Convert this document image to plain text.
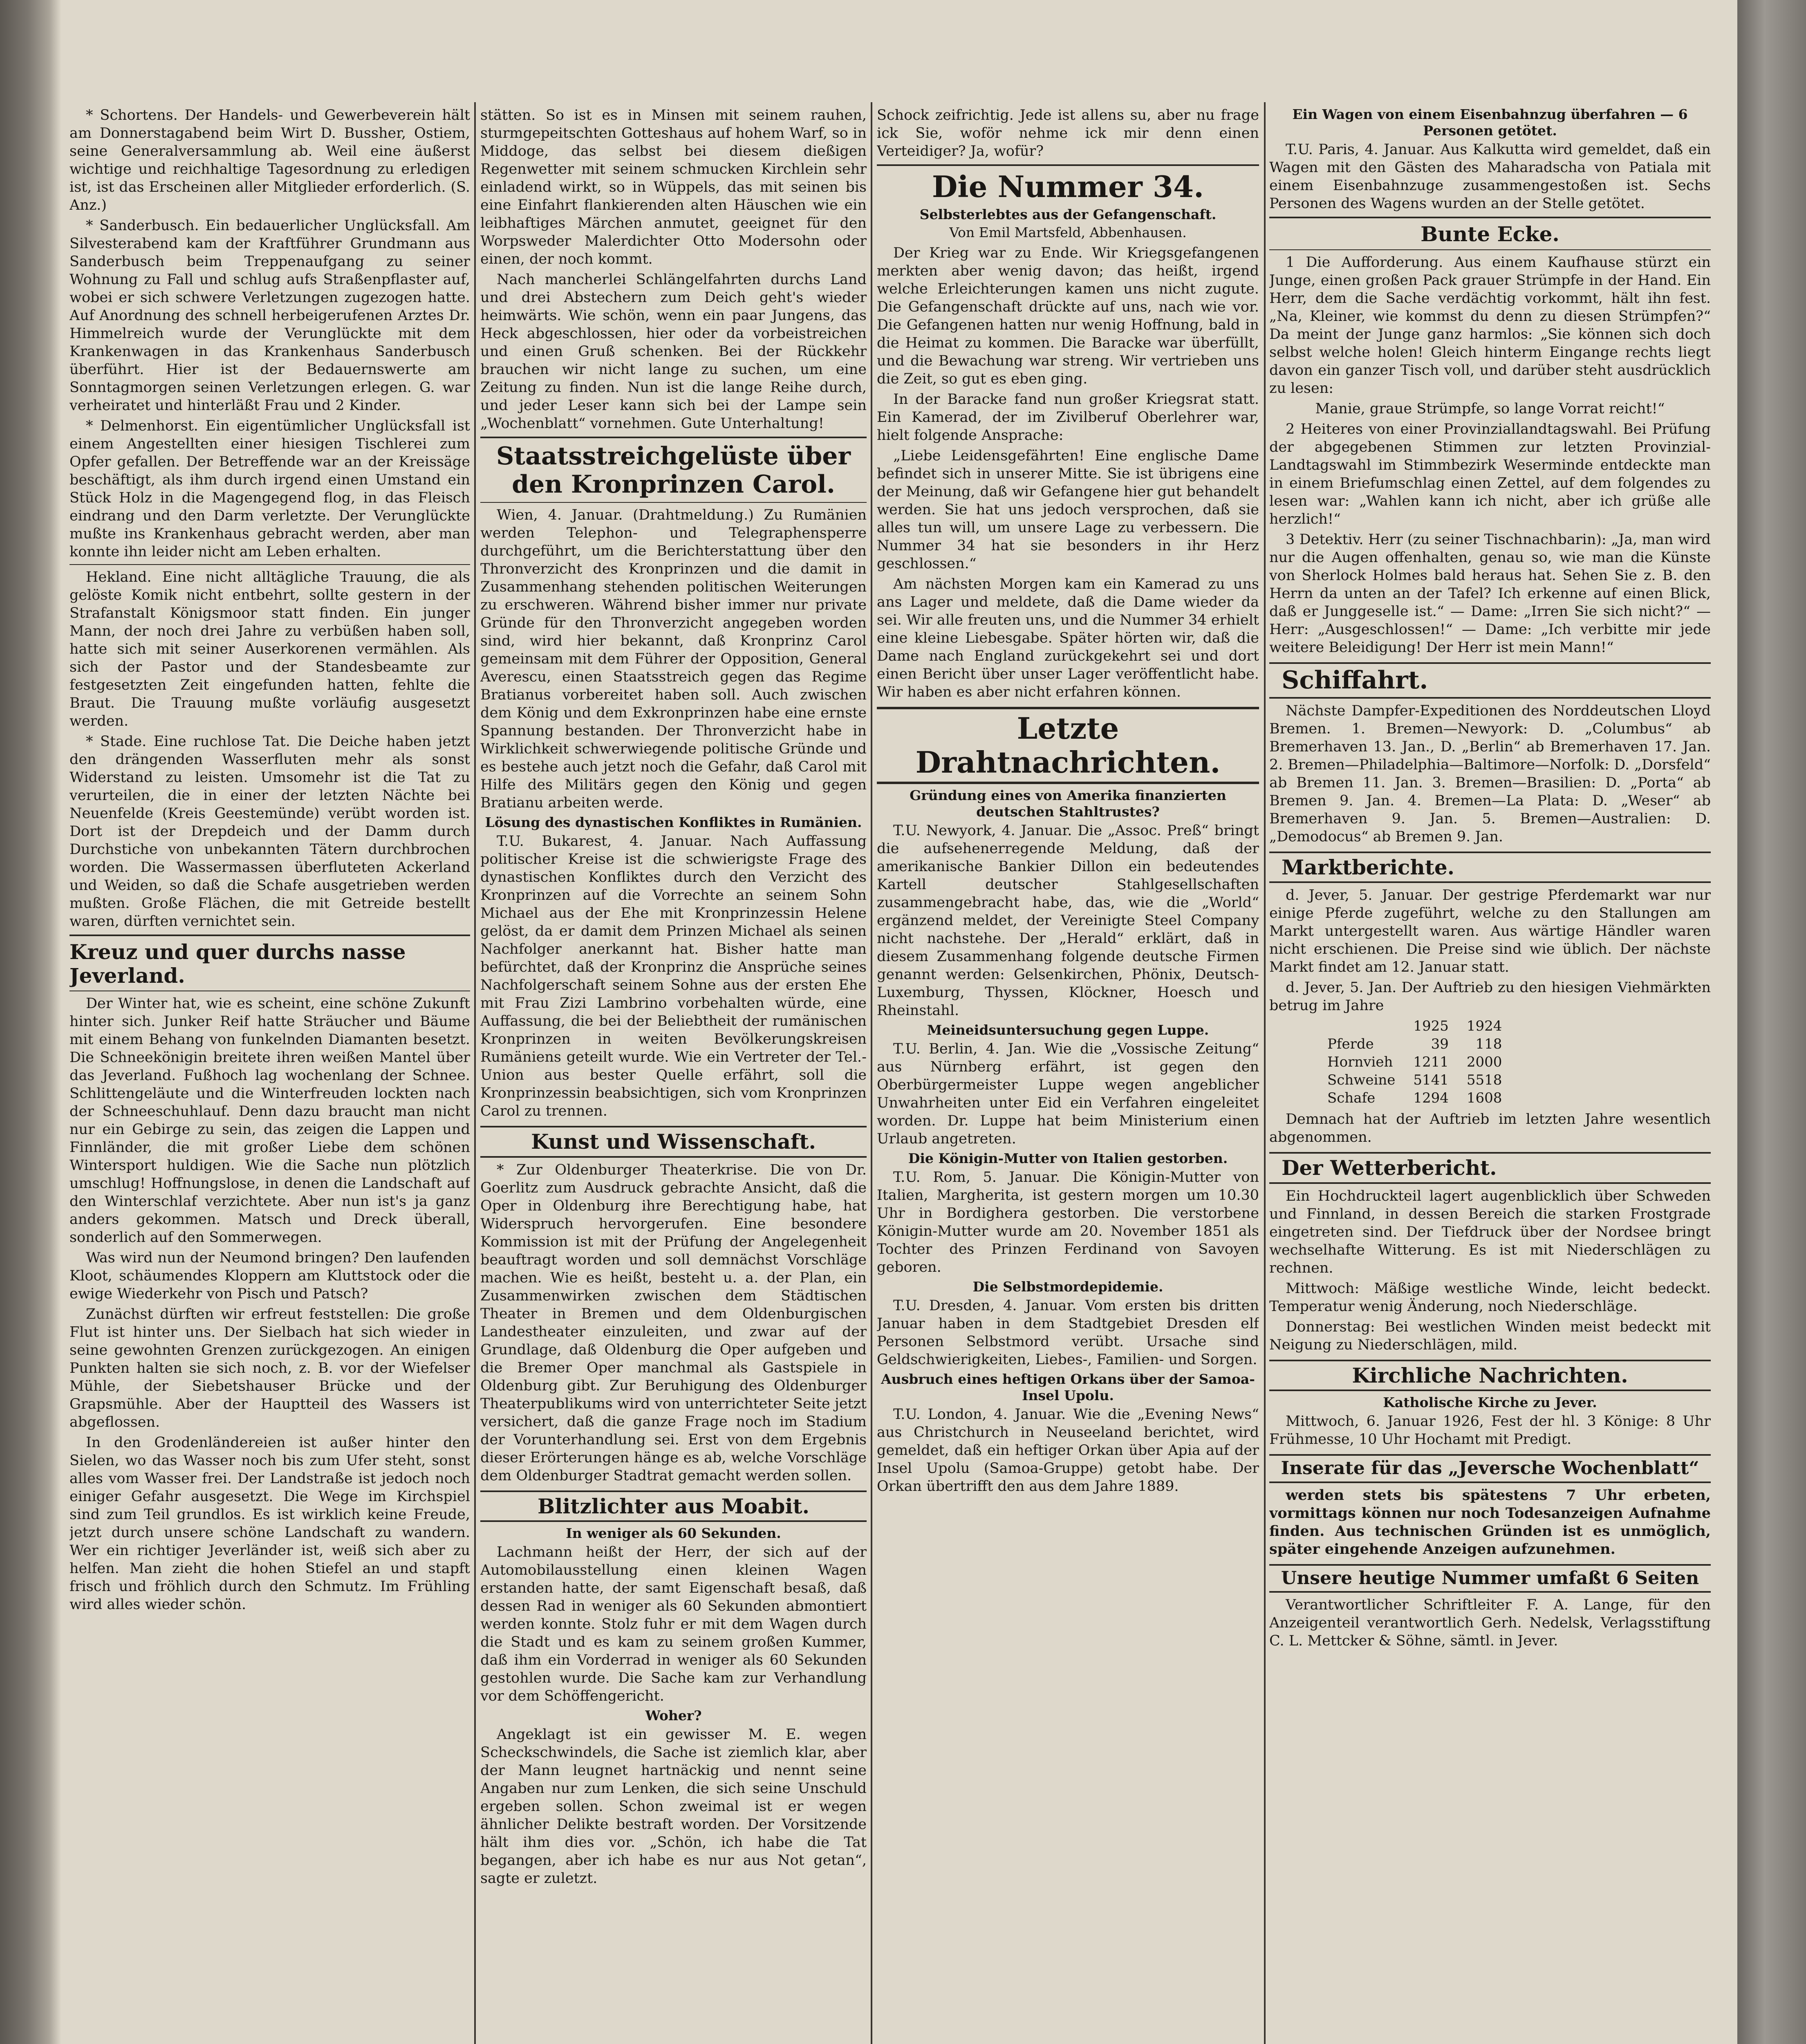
* Schortens. Der Handels- und Gewerbeverein hält am Donnerstagabend beim Wirt D. Bussher, Ostiem, seine Generalversammlung ab. Weil eine äußerst wichtige und reichhaltige Tagesordnung zu erledigen ist, ist das Erscheinen aller Mitglieder erforderlich. (S. Anz.)

* Sanderbusch. Ein bedauerlicher Unglücksfall. Am Silvesterabend kam der Kraftführer Grundmann aus Sanderbusch beim Treppenaufgang zu seiner Wohnung zu Fall und schlug aufs Straßenpflaster auf, wobei er sich schwere Verletzungen zugezogen hatte. Auf Anordnung des schnell herbeigerufenen Arztes Dr. Himmelreich wurde der Verunglückte mit dem Krankenwagen in das Krankenhaus Sanderbusch überführt. Hier ist der Bedauernswerte am Sonntagmorgen seinen Verletzungen erlegen. G. war verheiratet und hinterläßt Frau und 2 Kinder.

* Delmenhorst. Ein eigentümlicher Unglücksfall ist einem Angestellten einer hiesigen Tischlerei zum Opfer gefallen. Der Betreffende war an der Kreissäge beschäftigt, als ihm durch irgend einen Umstand ein Stück Holz in die Magengegend flog, in das Fleisch eindrang und den Darm verletzte. Der Verunglückte mußte ins Krankenhaus gebracht werden, aber man konnte ihn leider nicht am Leben erhalten.

Hekland. Eine nicht alltägliche Trauung, die als gelöste Komik nicht entbehrt, sollte gestern in der Strafanstalt Königsmoor statt finden. Ein junger Mann, der noch drei Jahre zu verbüßen haben soll, hatte sich mit seiner Auserkorenen vermählen. Als sich der Pastor und der Standesbeamte zur festgesetzten Zeit eingefunden hatten, fehlte die Braut. Die Trauung mußte vorläufig ausgesetzt werden.

* Stade. Eine ruchlose Tat. Die Deiche haben jetzt den drängenden Wasserfluten mehr als sonst Widerstand zu leisten. Umsomehr ist die Tat zu verurteilen, die in einer der letzten Nächte bei Neuenfelde (Kreis Geestemünde) verübt worden ist. Dort ist der Drepdeich und der Damm durch Durchstiche von unbekannten Tätern durchbrochen worden. Die Wassermassen überfluteten Ackerland und Weiden, so daß die Schafe ausgetrieben werden mußten. Große Flächen, die mit Getreide bestellt waren, dürften vernichtet sein.

Kreuz und quer durchs nasse Jeverland.

Der Winter hat, wie es scheint, eine schöne Zukunft hinter sich. Junker Reif hatte Sträucher und Bäume mit einem Behang von funkelnden Diamanten besetzt. Die Schneekönigin breitete ihren weißen Mantel über das Jeverland. Fußhoch lag wochenlang der Schnee. Schlittengeläute und die Winterfreuden lockten nach der Schneeschuhlauf. Denn dazu braucht man nicht nur ein Gebirge zu sein, das zeigen die Lappen und Finnländer, die mit großer Liebe dem schönen Wintersport huldigen. Wie die Sache nun plötzlich umschlug! Hoffnungslose, in denen die Landschaft auf den Winterschlaf verzichtete. Aber nun ist's ja ganz anders gekommen. Matsch und Dreck überall, sonderlich auf den Sommerwegen.

Was wird nun der Neumond bringen? Den laufenden Kloot, schäumendes Kloppern am Kluttstock oder die ewige Wiederkehr von Pisch und Patsch?

Zunächst dürften wir erfreut feststellen: Die große Flut ist hinter uns. Der Sielbach hat sich wieder in seine gewohnten Grenzen zurückgezogen. An einigen Punkten halten sie sich noch, z. B. vor der Wiefelser Mühle, der Siebetshauser Brücke und der Grapsmühle. Aber der Hauptteil des Wassers ist abgeflossen.

In den Grodenländereien ist außer hinter den Sielen, wo das Wasser noch bis zum Ufer steht, sonst alles vom Wasser frei. Der Landstraße ist jedoch noch einiger Gefahr ausgesetzt. Die Wege im Kirchspiel sind zum Teil grundlos. Es ist wirklich keine Freude, jetzt durch unsere schöne Landschaft zu wandern. Wer ein richtiger Jeverländer ist, weiß sich aber zu helfen. Man zieht die hohen Stiefel an und stapft frisch und fröhlich durch den Schmutz. Im Frühling wird alles wieder schön.

stätten. So ist es in Minsen mit seinem rauhen, sturmgepeitschten Gotteshaus auf hohem Warf, so in Middoge, das selbst bei diesem dießigen Regenwetter mit seinem schmucken Kirchlein sehr einladend wirkt, so in Wüppels, das mit seinen bis eine Einfahrt flankierenden alten Häuschen wie ein leibhaftiges Märchen anmutet, geeignet für den Worpsweder Malerdichter Otto Modersohn oder einen, der noch kommt.

Nach mancherlei Schlängelfahrten durchs Land und drei Abstechern zum Deich geht's wieder heimwärts. Wie schön, wenn ein paar Jungens, das Heck abgeschlossen, hier oder da vorbeistreichen und einen Gruß schenken. Bei der Rückkehr brauchen wir nicht lange zu suchen, um eine Zeitung zu finden. Nun ist die lange Reihe durch, und jeder Leser kann sich bei der Lampe sein „Wochenblatt“ vornehmen. Gute Unterhaltung!

Staatsstreichgelüste über den Kronprinzen Carol.

Wien, 4. Januar. (Drahtmeldung.) Zu Rumänien werden Telephon- und Telegraphensperre durchgeführt, um die Berichterstattung über den Thronverzicht des Kronprinzen und die damit in Zusammenhang stehenden politischen Weiterungen zu erschweren. Während bisher immer nur private Gründe für den Thronverzicht angegeben worden sind, wird hier bekannt, daß Kronprinz Carol gemeinsam mit dem Führer der Opposition, General Averescu, einen Staatsstreich gegen das Regime Bratianus vorbereitet haben soll. Auch zwischen dem König und dem Exkronprinzen habe eine ernste Spannung bestanden. Der Thronverzicht habe in Wirklichkeit schwerwiegende politische Gründe und es bestehe auch jetzt noch die Gefahr, daß Carol mit Hilfe des Militärs gegen den König und gegen Bratianu arbeiten werde.

Lösung des dynastischen Konfliktes in Rumänien.

T.U. Bukarest, 4. Januar. Nach Auffassung politischer Kreise ist die schwierigste Frage des dynastischen Konfliktes durch den Verzicht des Kronprinzen auf die Vorrechte an seinem Sohn Michael aus der Ehe mit Kronprinzessin Helene gelöst, da er damit dem Prinzen Michael als seinen Nachfolger anerkannt hat. Bisher hatte man befürchtet, daß der Kronprinz die Ansprüche seines Nachfolgerschaft seinem Sohne aus der ersten Ehe mit Frau Zizi Lambrino vorbehalten würde, eine Auffassung, die bei der Beliebtheit der rumänischen Kronprinzen in weiten Bevölkerungskreisen Rumäniens geteilt wurde. Wie ein Vertreter der Tel.-Union aus bester Quelle erfährt, soll die Kronprinzessin beabsichtigen, sich vom Kronprinzen Carol zu trennen.

Kunst und Wissenschaft.

* Zur Oldenburger Theaterkrise. Die von Dr. Goerlitz zum Ausdruck gebrachte Ansicht, daß die Oper in Oldenburg ihre Berechtigung habe, hat Widerspruch hervorgerufen. Eine besondere Kommission ist mit der Prüfung der Angelegenheit beauftragt worden und soll demnächst Vorschläge machen. Wie es heißt, besteht u. a. der Plan, ein Zusammenwirken zwischen dem Städtischen Theater in Bremen und dem Oldenburgischen Landestheater einzuleiten, und zwar auf der Grundlage, daß Oldenburg die Oper aufgeben und die Bremer Oper manchmal als Gastspiele in Oldenburg gibt. Zur Beruhigung des Oldenburger Theaterpublikums wird von unterrichteter Seite jetzt versichert, daß die ganze Frage noch im Stadium der Vorunterhandlung sei. Erst von dem Ergebnis dieser Erörterungen hänge es ab, welche Vorschläge dem Oldenburger Stadtrat gemacht werden sollen.

Blitzlichter aus Moabit.
In weniger als 60 Sekunden.

Lachmann heißt der Herr, der sich auf der Automobilausstellung einen kleinen Wagen erstanden hatte, der samt Eigenschaft besaß, daß dessen Rad in weniger als 60 Sekunden abmontiert werden konnte. Stolz fuhr er mit dem Wagen durch die Stadt und es kam zu seinem großen Kummer, daß ihm ein Vorderrad in weniger als 60 Sekunden gestohlen wurde. Die Sache kam zur Verhandlung vor dem Schöffengericht.

Woher?

Angeklagt ist ein gewisser M. E. wegen Scheckschwindels, die Sache ist ziemlich klar, aber der Mann leugnet hartnäckig und nennt seine Angaben nur zum Lenken, die sich seine Unschuld ergeben sollen. Schon zweimal ist er wegen ähnlicher Delikte bestraft worden. Der Vorsitzende hält ihm dies vor. „Schön, ich habe die Tat begangen, aber ich habe es nur aus Not getan“, sagte er zuletzt.

Schock zeifrichtig. Jede ist allens su, aber nu frage ick Sie, woför nehme ick mir denn einen Verteidiger? Ja, wofür?

Die Nummer 34.
Selbsterlebtes aus der Gefangenschaft.
Von Emil Martsfeld, Abbenhausen.

Der Krieg war zu Ende. Wir Kriegsgefangenen merkten aber wenig davon; das heißt, irgend welche Erleichterungen kamen uns nicht zugute. Die Gefangenschaft drückte auf uns, nach wie vor. Die Gefangenen hatten nur wenig Hoffnung, bald in die Heimat zu kommen. Die Baracke war überfüllt, und die Bewachung war streng. Wir vertrieben uns die Zeit, so gut es eben ging.

In der Baracke fand nun großer Kriegsrat statt. Ein Kamerad, der im Zivilberuf Oberlehrer war, hielt folgende Ansprache:

„Liebe Leidensgefährten! Eine englische Dame befindet sich in unserer Mitte. Sie ist übrigens eine der Meinung, daß wir Gefangene hier gut behandelt werden. Sie hat uns jedoch versprochen, daß sie alles tun will, um unsere Lage zu verbessern. Die Nummer 34 hat sie besonders in ihr Herz geschlossen.“

Am nächsten Morgen kam ein Kamerad zu uns ans Lager und meldete, daß die Dame wieder da sei. Wir alle freuten uns, und die Nummer 34 erhielt eine kleine Liebesgabe. Später hörten wir, daß die Dame nach England zurückgekehrt sei und dort einen Bericht über unser Lager veröffentlicht habe. Wir haben es aber nicht erfahren können.

Letzte Drahtnachrichten.
Gründung eines von Amerika finanzierten deutschen Stahltrustes?

T.U. Newyork, 4. Januar. Die „Assoc. Preß“ bringt die aufsehenerregende Meldung, daß der amerikanische Bankier Dillon ein bedeutendes Kartell deutscher Stahlgesellschaften zusammengebracht habe, das, wie die „World“ ergänzend meldet, der Vereinigte Steel Company nicht nachstehe. Der „Herald“ erklärt, daß in diesem Zusammenhang folgende deutsche Firmen genannt werden: Gelsenkirchen, Phönix, Deutsch-Luxemburg, Thyssen, Klöckner, Hoesch und Rheinstahl.

Meineidsuntersuchung gegen Luppe.

T.U. Berlin, 4. Jan. Wie die „Vossische Zeitung“ aus Nürnberg erfährt, ist gegen den Oberbürgermeister Luppe wegen angeblicher Unwahrheiten unter Eid ein Verfahren eingeleitet worden. Dr. Luppe hat beim Ministerium einen Urlaub angetreten.

Die Königin-Mutter von Italien gestorben.

T.U. Rom, 5. Januar. Die Königin-Mutter von Italien, Margherita, ist gestern morgen um 10.30 Uhr in Bordighera gestorben. Die verstorbene Königin-Mutter wurde am 20. November 1851 als Tochter des Prinzen Ferdinand von Savoyen geboren.

Die Selbstmordepidemie.

T.U. Dresden, 4. Januar. Vom ersten bis dritten Januar haben in dem Stadtgebiet Dresden elf Personen Selbstmord verübt. Ursache sind Geldschwierigkeiten, Liebes-, Familien- und Sorgen.

Ausbruch eines heftigen Orkans über der Samoa-Insel Upolu.

T.U. London, 4. Januar. Wie die „Evening News“ aus Christchurch in Neuseeland berichtet, wird gemeldet, daß ein heftiger Orkan über Apia auf der Insel Upolu (Samoa-Gruppe) getobt habe. Der Orkan übertrifft den aus dem Jahre 1889.

Ein Wagen von einem Eisenbahnzug überfahren — 6 Personen getötet.

T.U. Paris, 4. Januar. Aus Kalkutta wird gemeldet, daß ein Wagen mit den Gästen des Maharadscha von Patiala mit einem Eisenbahnzuge zusammengestoßen ist. Sechs Personen des Wagens wurden an der Stelle getötet.

Bunte Ecke.

1 Die Aufforderung. Aus einem Kaufhause stürzt ein Junge, einen großen Pack grauer Strümpfe in der Hand. Ein Herr, dem die Sache verdächtig vorkommt, hält ihn fest. „Na, Kleiner, wie kommst du denn zu diesen Strümpfen?“ Da meint der Junge ganz harmlos: „Sie können sich doch selbst welche holen! Gleich hinterm Eingange rechts liegt davon ein ganzer Tisch voll, und darüber steht ausdrücklich zu lesen:

Manie, graue Strümpfe, so lange Vorrat reicht!“

2 Heiteres von einer Provinziallandtagswahl. Bei Prüfung der abgegebenen Stimmen zur letzten Provinzial-Landtagswahl im Stimmbezirk Weserminde entdeckte man in einem Briefumschlag einen Zettel, auf dem folgendes zu lesen war: „Wahlen kann ich nicht, aber ich grüße alle herzlich!“

3 Detektiv. Herr (zu seiner Tischnachbarin): „Ja, man wird nur die Augen offenhalten, genau so, wie man die Künste von Sherlock Holmes bald heraus hat. Sehen Sie z. B. den Herrn da unten an der Tafel? Ich erkenne auf einen Blick, daß er Junggeselle ist.“ — Dame: „Irren Sie sich nicht?“ — Herr: „Ausgeschlossen!“ — Dame: „Ich verbitte mir jede weitere Beleidigung! Der Herr ist mein Mann!“

Schiffahrt.

Nächste Dampfer-Expeditionen des Norddeutschen Lloyd Bremen. 1. Bremen—Newyork: D. „Columbus“ ab Bremerhaven 13. Jan., D. „Berlin“ ab Bremerhaven 17. Jan. 2. Bremen—Philadelphia—Baltimore—Norfolk: D. „Dorsfeld“ ab Bremen 11. Jan. 3. Bremen—Brasilien: D. „Porta“ ab Bremen 9. Jan. 4. Bremen—La Plata: D. „Weser“ ab Bremerhaven 9. Jan. 5. Bremen—Australien: D. „Demodocus“ ab Bremen 9. Jan.

Marktberichte.

d. Jever, 5. Januar. Der gestrige Pferdemarkt war nur einige Pferde zugeführt, welche zu den Stallungen am Markt untergestellt waren. Aus wärtige Händler waren nicht erschienen. Die Preise sind wie üblich. Der nächste Markt findet am 12. Januar statt.

d. Jever, 5. Jan. Der Auftrieb zu den hiesigen Viehmärkten betrug im Jahre

	1925	1924
Pferde	39	118
Hornvieh	1211	2000
Schweine	5141	5518
Schafe	1294	1608

Demnach hat der Auftrieb im letzten Jahre wesentlich abgenommen.

Der Wetterbericht.

Ein Hochdruckteil lagert augenblicklich über Schweden und Finnland, in dessen Bereich die starken Frostgrade eingetreten sind. Der Tiefdruck über der Nordsee bringt wechselhafte Witterung. Es ist mit Niederschlägen zu rechnen.

Mittwoch: Mäßige westliche Winde, leicht bedeckt. Temperatur wenig Änderung, noch Niederschläge.

Donnerstag: Bei westlichen Winden meist bedeckt mit Neigung zu Niederschlägen, mild.

Kirchliche Nachrichten.
Katholische Kirche zu Jever.

Mittwoch, 6. Januar 1926, Fest der hl. 3 Könige: 8 Uhr Frühmesse, 10 Uhr Hochamt mit Predigt.

Inserate für das „Jeversche Wochenblatt“

werden stets bis spätestens 7 Uhr erbeten, vormittags können nur noch Todesanzeigen Aufnahme finden. Aus technischen Gründen ist es unmöglich, später eingehende Anzeigen aufzunehmen.

Unsere heutige Nummer umfaßt 6 Seiten

Verantwortlicher Schriftleiter F. A. Lange, für den Anzeigenteil verantwortlich Gerh. Nedelsk, Verlagsstiftung C. L. Mettcker & Söhne, sämtl. in Jever.
